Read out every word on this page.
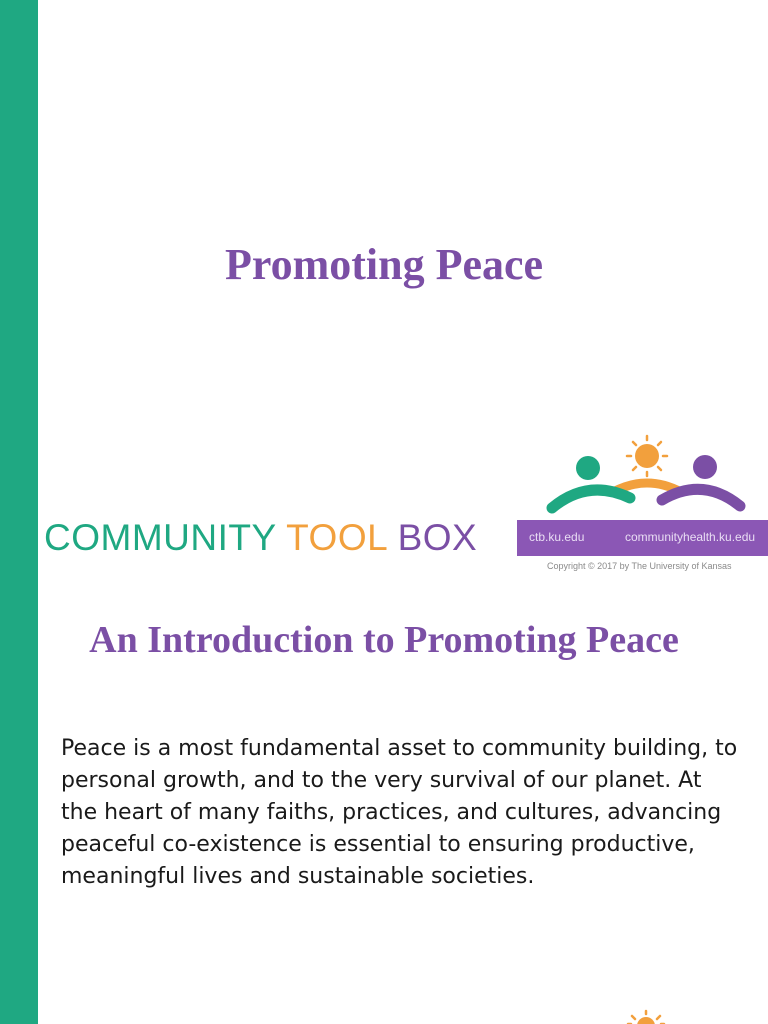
Promoting Peace

COMMUNITY TOOL BOX	ctb.ku.edu	communityhealth.ku.edu

Copyright © 2017 by The University of Kansas

An Introduction to Promoting Peace

Peace is a most fundamental asset to community building, to personal growth, and to the very survival of our planet. At the heart of many faiths, practices, and cultures, advancing peaceful co-existence is essential to ensuring productive, meaningful lives and sustainable societies.
